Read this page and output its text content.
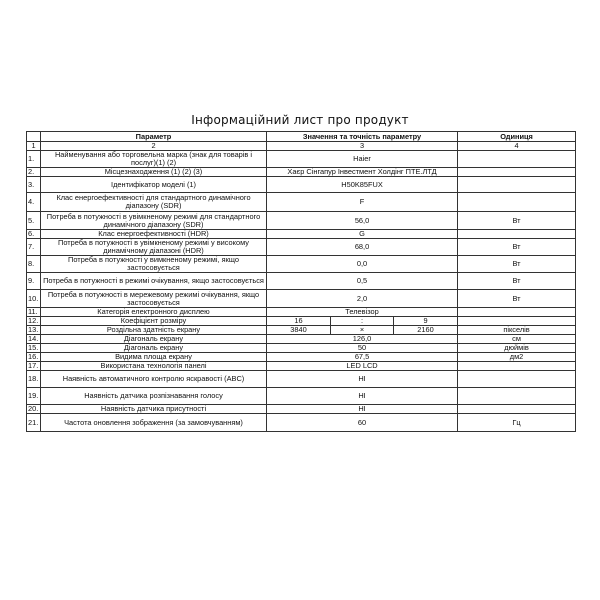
Інформаційний лист про продукт
	Параметр	Значення та точність параметру			Одиниця
1	2	3			4
1.	Найменування або торговельна марка (знак для товарів і послуг)(1) (2)	Haier			
2.	Місцезнаходження (1) (2) (3)	Хаєр Сінгапур Інвестмент Холдінг ПТЕ.ЛТД			
3.	Ідентифікатор моделі (1)	H50K85FUX			
4.	Клас енергоефективності для стандартного динамічного діапазону (SDR)	F			
5.	Потреба в потужності в увімкненому режимі для стандартного динамічного діапазону (SDR)	56,0			Вт
6.	Клас енергоефективності (HDR)	G			
7.	Потреба в потужності в увімкненому режимі у високому динамічному діапазоні (HDR)	68,0			Вт
8.	Потреба в потужності у вимкненому режимі, якщо застосовується	0,0			Вт
9.	Потреба в потужності в режимі очікування, якщо застосовується	0,5			Вт
10.	Потреба в потужності в мережевому режимі очікування, якщо застосовується	2,0			Вт
11.	Категорія електронного дисплею	Телевізор			
12.	Коефіцієнт розміру	16	:	9	
13.	Роздільна здатність екрану	3840	×	2160	пікселів
14.	Діагональ екрану	126,0			см
15.	Діагональ екрану	50			дюймів
16.	Видима площа екрану	67,5			дм2
17.	Використана технологія панелі	LED LCD			
18.	Наявність автоматичного контролю яскравості (ABC)	НІ			
19.	Наявність датчика розпізнавання голосу	НІ			
20.	Наявність датчика присутності	НІ			
21.	Частота оновлення зображення (за замовчуванням)	60			Гц
